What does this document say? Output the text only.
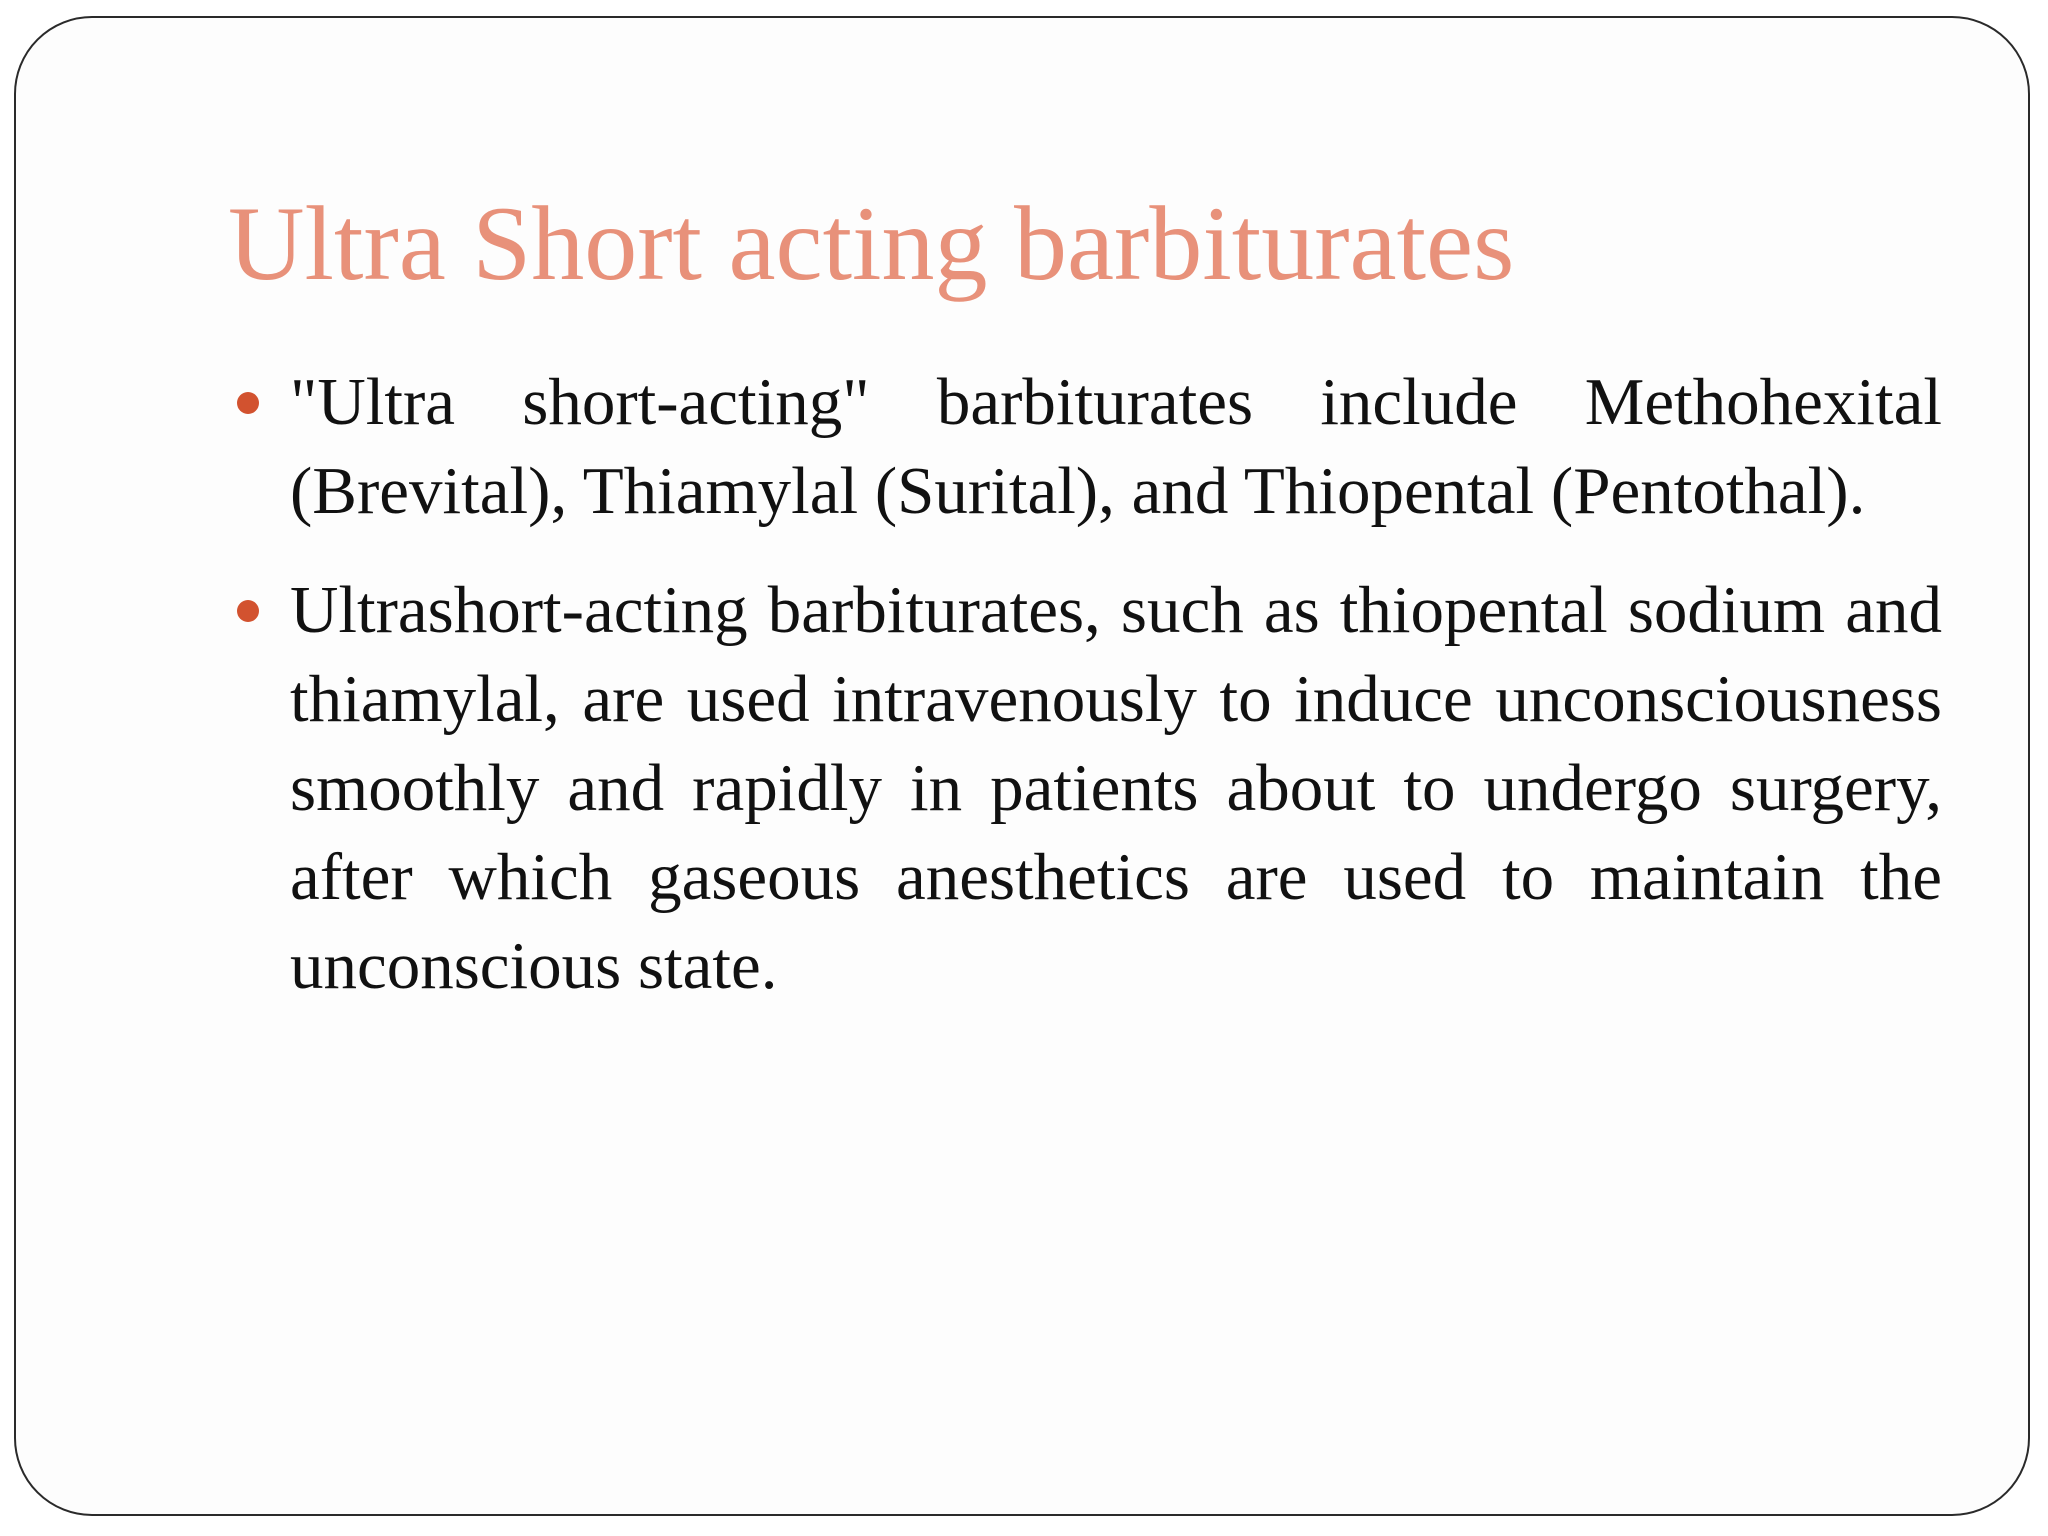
Ultra Short acting barbiturates
"Ultra short-acting" barbiturates include Methohexital (Brevital), Thiamylal (Surital), and Thiopental (Pentothal).
Ultrashort-acting barbiturates, such as thiopental sodium and thiamylal, are used intravenously to induce unconsciousness smoothly and rapidly in patients about to undergo surgery, after which gaseous anesthetics are used to maintain the unconscious state.
